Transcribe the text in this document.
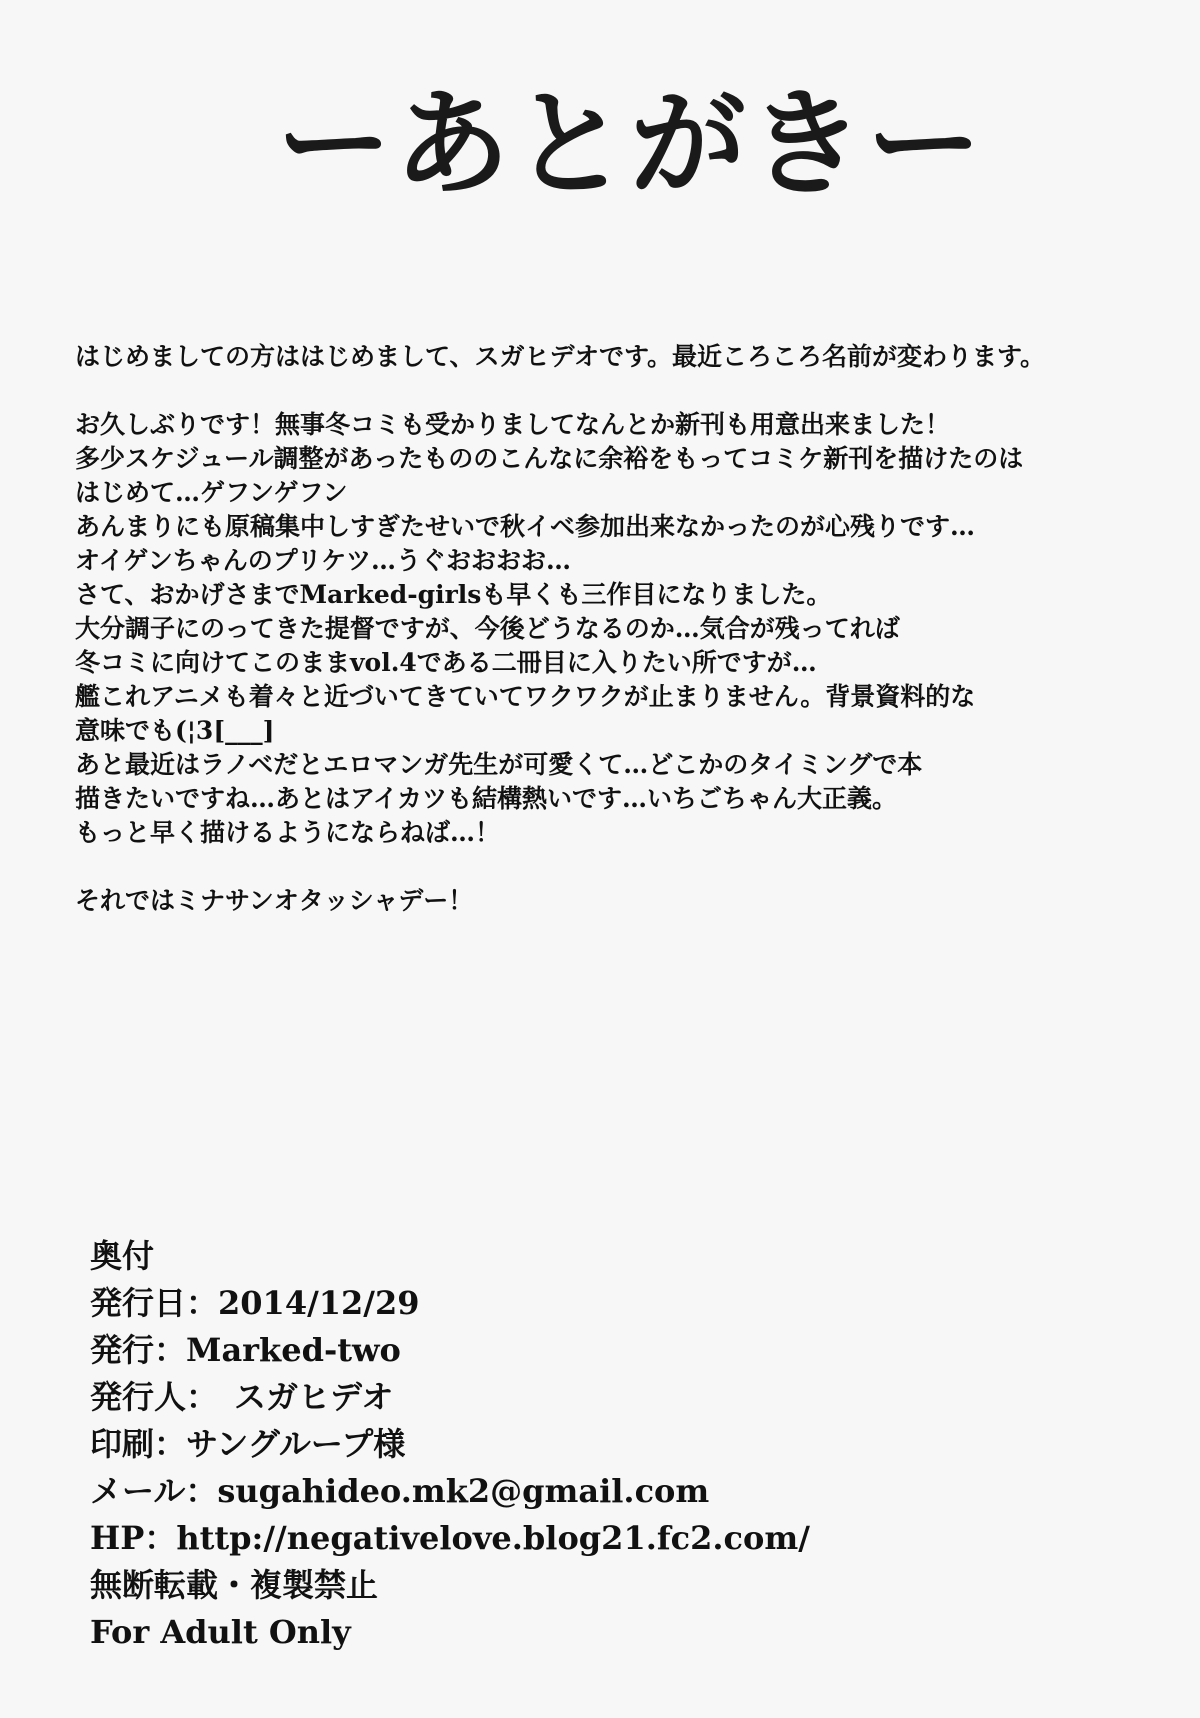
ーあとがきー
はじめましての方ははじめまして、スガヒデオです。最近ころころ名前が変わります。
お久しぶりです！無事冬コミも受かりましてなんとか新刊も用意出来ました！
多少スケジュール調整があったもののこんなに余裕をもってコミケ新刊を描けたのは
はじめて…ゲフンゲフン
あんまりにも原稿集中しすぎたせいで秋イベ参加出来なかったのが心残りです…
オイゲンちゃんのプリケツ…うぐおおおお…
さて、おかげさまでMarked-girlsも早くも三作目になりました。
大分調子にのってきた提督ですが、今後どうなるのか…気合が残ってれば
冬コミに向けてこのままvol.4である二冊目に入りたい所ですが…
艦これアニメも着々と近づいてきていてワクワクが止まりません。背景資料的な
意味でも(¦3[___]
あと最近はラノベだとエロマンガ先生が可愛くて…どこかのタイミングで本
描きたいですね…あとはアイカツも結構熱いです…いちごちゃん大正義。
もっと早く描けるようにならねば…！
それではミナサンオタッシャデー！
奥付
発行日：2014/12/29
発行：Marked-two
発行人：　スガヒデオ
印刷：サングループ様
メール：sugahideo.mk2@gmail.com
HP：http://negativelove.blog21.fc2.com/
無断転載・複製禁止
For Adult Only
